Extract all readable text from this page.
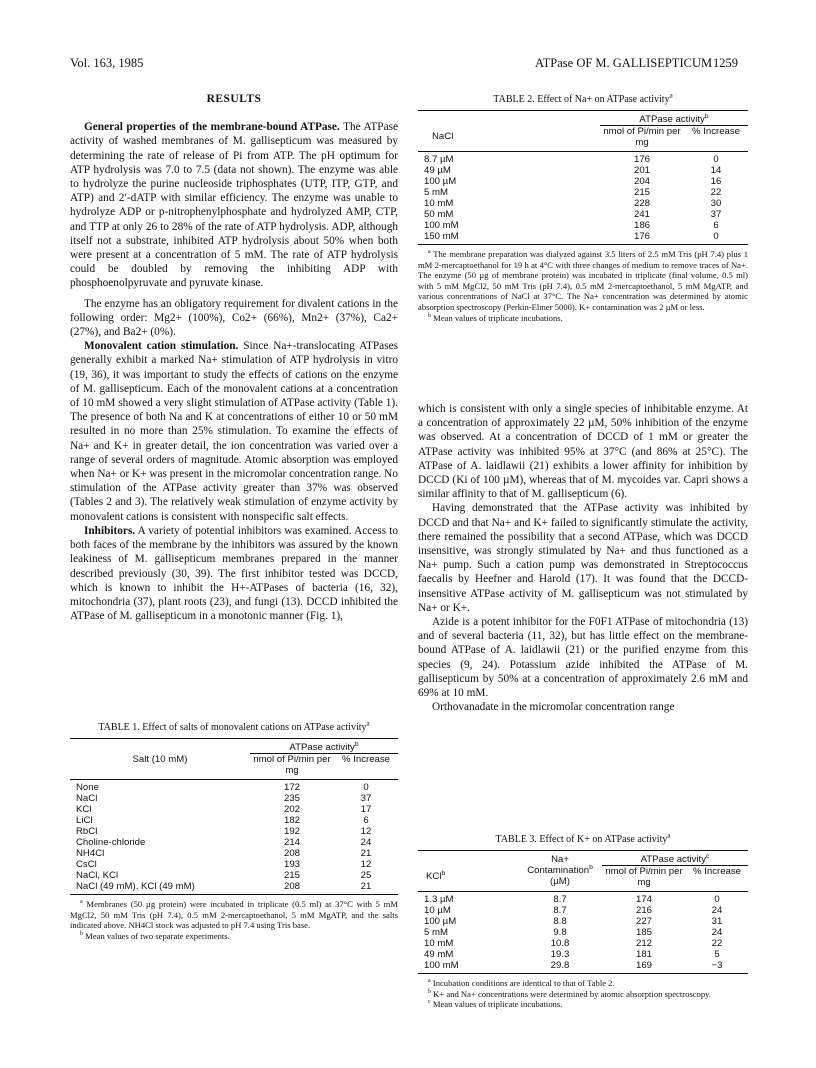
Vol. 163, 1985	ATPase OF M. GALLISEPTICUM 1259
RESULTS

General properties of the membrane-bound ATPase. The ATPase activity of washed membranes of M. gallisepticum was measured by determining the rate of release of Pi from ATP. The pH optimum for ATP hydrolysis was 7.0 to 7.5 (data not shown). The enzyme was able to hydrolyze the purine nucleoside triphosphates (UTP, ITP, GTP, and ATP) and 2′-dATP with similar efficiency. The enzyme was unable to hydrolyze ADP or p-nitrophenylphosphate and hydrolyzed AMP, CTP, and TTP at only 26 to 28% of the rate of ATP hydrolysis. ADP, although itself not a substrate, inhibited ATP hydrolysis about 50% when both were present at a concentration of 5 mM. The rate of ATP hydrolysis could be doubled by removing the inhibiting ADP with phosphoenolpyruvate and pyruvate kinase.

The enzyme has an obligatory requirement for divalent cations in the following order: Mg2+ (100%), Co2+ (66%), Mn2+ (37%), Ca2+ (27%), and Ba2+ (0%).

Monovalent cation stimulation. Since Na+-translocating ATPases generally exhibit a marked Na+ stimulation of ATP hydrolysis in vitro (19, 36), it was important to study the effects of cations on the enzyme of M. gallisepticum. Each of the monovalent cations at a concentration of 10 mM showed a very slight stimulation of ATPase activity (Table 1). The presence of both Na and K at concentrations of either 10 or 50 mM resulted in no more than 25% stimulation. To examine the effects of Na+ and K+ in greater detail, the ion concentration was varied over a range of several orders of magnitude. Atomic absorption was employed when Na+ or K+ was present in the micromolar concentration range. No stimulation of the ATPase activity greater than 37% was observed (Tables 2 and 3). The relatively weak stimulation of enzyme activity by monovalent cations is consistent with nonspecific salt effects.

Inhibitors. A variety of potential inhibitors was examined. Access to both faces of the membrane by the inhibitors was assured by the known leakiness of M. gallisepticum membranes prepared in the manner described previously (30, 39). The first inhibitor tested was DCCD, which is known to inhibit the H+-ATPases of bacteria (16, 32), mitochondria (37), plant roots (23), and fungi (13). DCCD inhibited the ATPase of M. gallisepticum in a monotonic manner (Fig. 1),

TABLE 1. Effect of salts of monovalent cations on ATPase activity$^a$
Salt (10 mM)	ATPase activity$^b$
	nmol of Pi/min per mg	% Increase
None	172	0
NaCl	235	37
KCl	202	17
LiCl	182	6
RbCl	192	12
Choline-chloride	214	24
NH4Cl	208	21
CsCl	193	12
NaCl, KCl	215	25
NaCl (49 mM), KCl (49 mM)	208	21

$^a$ Membranes (50 µg protein) were incubated in triplicate (0.5 ml) at 37°C with 5 mM MgCl2, 50 mM Tris (pH 7.4), 0.5 mM 2-mercaptoethanol, 5 mM MgATP, and the salts indicated above. NH4Cl stock was adjusted to pH 7.4 using Tris base.

$^b$ Mean values of two separate experiments.

TABLE 2. Effect of Na+ on ATPase activity$^a$
NaCl	ATPase activity$^b$
	nmol of Pi/min per mg	% Increase
8.7 µM	176	0
49 µM	201	14
100 µM	204	16
5 mM	215	22
10 mM	228	30
50 mM	241	37
100 mM	186	6
150 mM	176	0

$^a$ The membrane preparation was dialyzed against 3.5 liters of 2.5 mM Tris (pH 7.4) plus 1 mM 2-mercaptoethanol for 19 h at 4°C with three changes of medium to remove traces of Na+. The enzyme (50 µg of membrane protein) was incubated in triplicate (final volume, 0.5 ml) with 5 mM MgCl2, 50 mM Tris (pH 7.4), 0.5 mM 2-mercaptoethanol, 5 mM MgATP, and various concentrations of NaCl at 37°C. The Na+ concentration was determined by atomic absorption spectroscopy (Perkin-Elmer 5000). K+ contamination was 2 µM or less.

$^b$ Mean values of triplicate incubations.

which is consistent with only a single species of inhibitable enzyme. At a concentration of approximately 22 µM, 50% inhibition of the enzyme was observed. At a concentration of DCCD of 1 mM or greater the ATPase activity was inhibited 95% at 37°C (and 86% at 25°C). The ATPase of A. laidlawii (21) exhibits a lower affinity for inhibition by DCCD (Ki of 100 µM), whereas that of M. mycoides var. Capri shows a similar affinity to that of M. gallisepticum (6).

Having demonstrated that the ATPase activity was inhibited by DCCD and that Na+ and K+ failed to significantly stimulate the activity, there remained the possibility that a second ATPase, which was DCCD insensitive, was strongly stimulated by Na+ and thus functioned as a Na+ pump. Such a cation pump was demonstrated in Streptococcus faecalis by Heefner and Harold (17). It was found that the DCCD-insensitive ATPase activity of M. gallisepticum was not stimulated by Na+ or K+.

Azide is a potent inhibitor for the F0F1 ATPase of mitochondria (13) and of several bacteria (11, 32), but has little effect on the membrane-bound ATPase of A. laidlawii (21) or the purified enzyme from this species (9, 24). Potassium azide inhibited the ATPase of M. gallisepticum by 50% at a concentration of approximately 2.6 mM and 69% at 10 mM.

Orthovanadate in the micromolar concentration range

TABLE 3. Effect of K+ on ATPase activity$^a$
KCl$^b$	Na+ Contamination$^b$
(µM)	ATPase activity$^c$
		nmol of Pi/min per mg	% Increase
1.3 µM	8.7	174	0
10 µM	8.7	216	24
100 µM	8.8	227	31
5 mM	9.8	185	24
10 mM	10.8	212	22
49 mM	19.3	181	5
100 mM	29.8	169	−3

$^a$ Incubation conditions are identical to that of Table 2.

$^b$ K+ and Na+ concentrations were determined by atomic absorption spectroscopy.

$^c$ Mean values of triplicate incubations.
